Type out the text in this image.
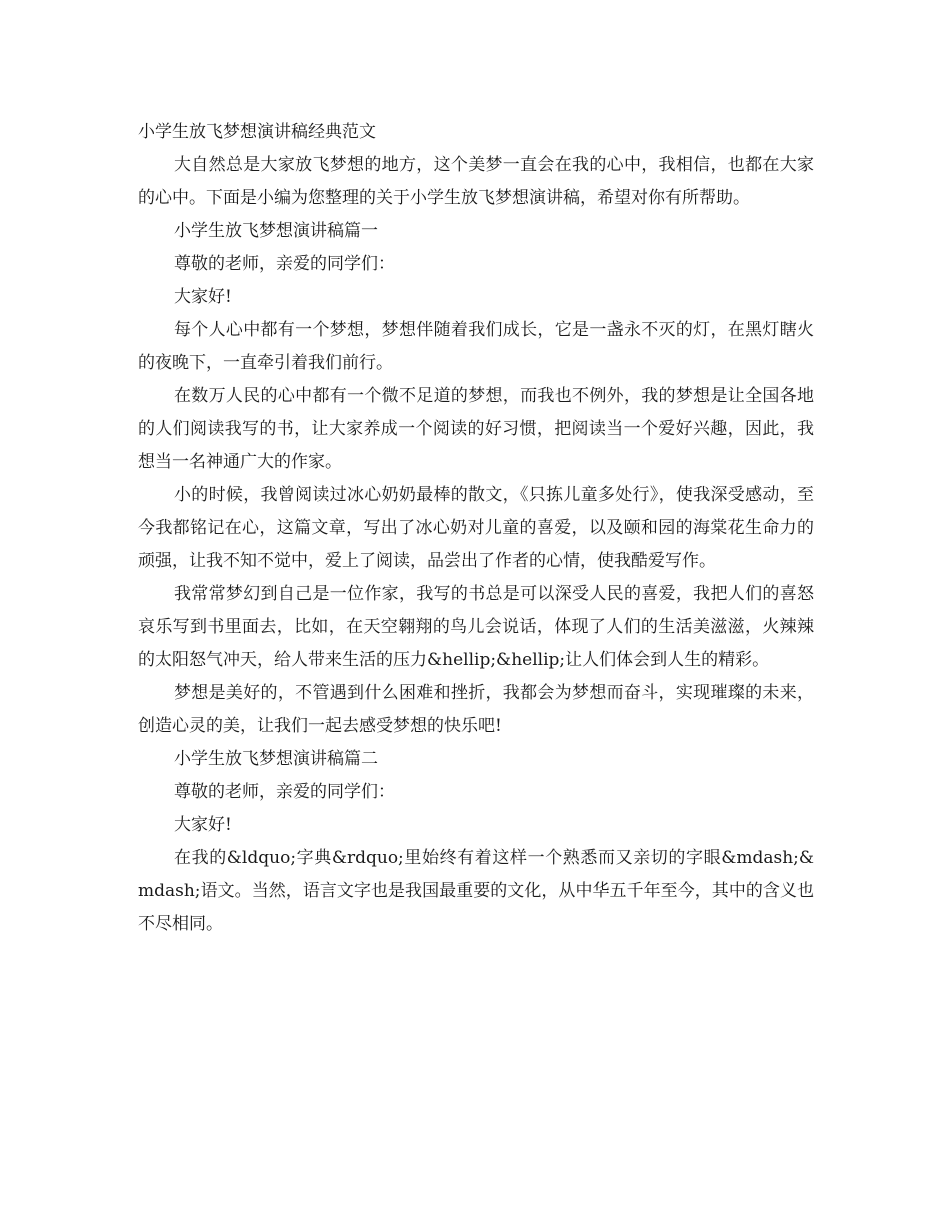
小学生放飞梦想演讲稿经典范文

大自然总是大家放飞梦想的地方，这个美梦一直会在我的心中，我相信，也都在大家的心中。下面是小编为您整理的关于小学生放飞梦想演讲稿，希望对你有所帮助。

小学生放飞梦想演讲稿篇一

尊敬的老师，亲爱的同学们：

大家好!

每个人心中都有一个梦想，梦想伴随着我们成长，它是一盏永不灭的灯，在黑灯瞎火的夜晚下，一直牵引着我们前行。

在数万人民的心中都有一个微不足道的梦想，而我也不例外，我的梦想是让全国各地的人们阅读我写的书，让大家养成一个阅读的好习惯，把阅读当一个爱好兴趣，因此，我想当一名神通广大的作家。

小的时候，我曾阅读过冰心奶奶最棒的散文，《只拣儿童多处行》，使我深受感动，至今我都铭记在心，这篇文章，写出了冰心奶对儿童的喜爱，以及颐和园的海棠花生命力的顽强，让我不知不觉中，爱上了阅读，品尝出了作者的心情，使我酷爱写作。

我常常梦幻到自己是一位作家，我写的书总是可以深受人民的喜爱，我把人们的喜怒哀乐写到书里面去，比如，在天空翱翔的鸟儿会说话，体现了人们的生活美滋滋，火辣辣的太阳怒气冲天，给人带来生活的压力&hellip;&hellip;让人们体会到人生的精彩。

梦想是美好的，不管遇到什么困难和挫折，我都会为梦想而奋斗，实现璀璨的未来，创造心灵的美，让我们一起去感受梦想的快乐吧!

小学生放飞梦想演讲稿篇二

尊敬的老师，亲爱的同学们：

大家好!

在我的&ldquo;字典&rdquo;里始终有着这样一个熟悉而又亲切的字眼&mdash;&mdash;语文。当然，语言文字也是我国最重要的文化，从中华五千年至今，其中的含义也不尽相同。
